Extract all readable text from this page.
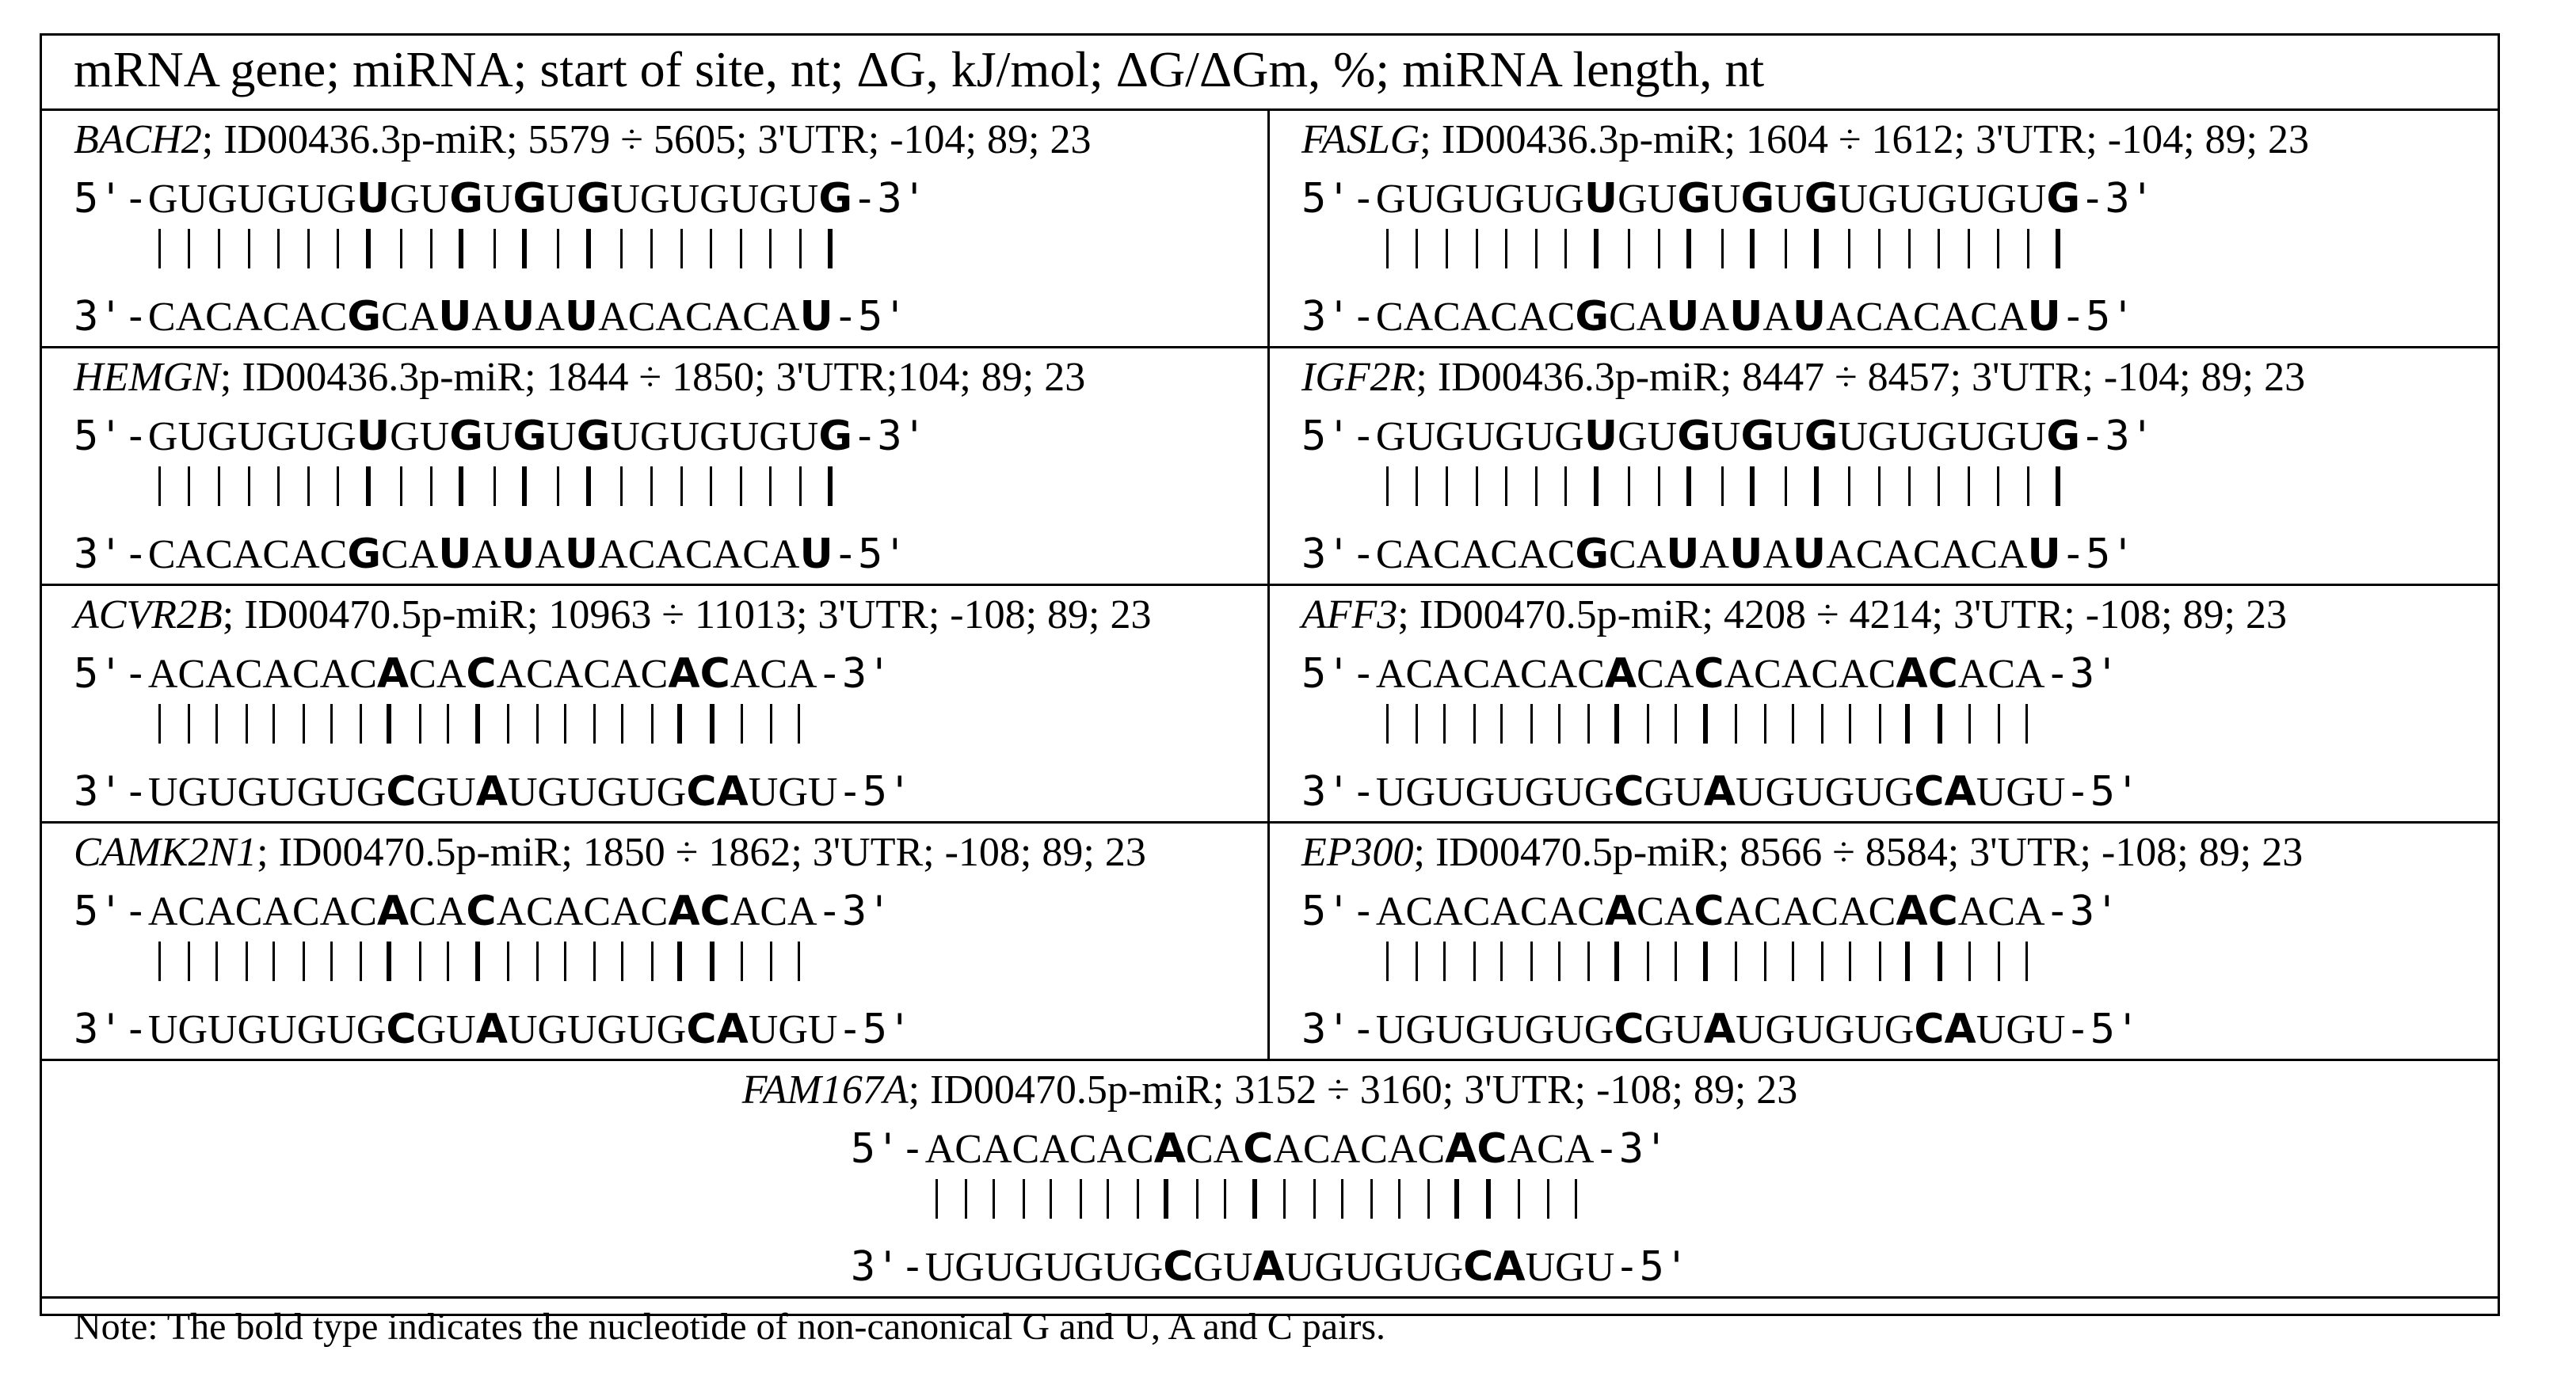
mRNA gene; miRNA; start of site, nt; ΔG, kJ/mol; ΔG/ΔGm, %; miRNA length, nt
BACH2; ID00436.3p-miR; 5579 ÷ 5605; 3'UTR; -104; 89; 23
5'-GUGUGUGUGUGUGUGUGUGUGUG-3'
3'-CACACACGCAUAUAUACACACAU-5'
FASLG; ID00436.3p-miR; 1604 ÷ 1612; 3'UTR; -104; 89; 23
5'-GUGUGUGUGUGUGUGUGUGUGUG-3'
3'-CACACACGCAUAUAUACACACAU-5'
HEMGN; ID00436.3p-miR; 1844 ÷ 1850; 3'UTR;104; 89; 23
5'-GUGUGUGUGUGUGUGUGUGUGUG-3'
3'-CACACACGCAUAUAUACACACAU-5'
IGF2R; ID00436.3p-miR; 8447 ÷ 8457; 3'UTR; -104; 89; 23
5'-GUGUGUGUGUGUGUGUGUGUGUG-3'
3'-CACACACGCAUAUAUACACACAU-5'
ACVR2B; ID00470.5p-miR; 10963 ÷ 11013; 3'UTR; -108; 89; 23
5'-ACACACACACACACACACACACA-3'
3'-UGUGUGUGCGUAUGUGUGCAUGU-5'
AFF3; ID00470.5p-miR; 4208 ÷ 4214; 3'UTR; -108; 89; 23
5'-ACACACACACACACACACACACA-3'
3'-UGUGUGUGCGUAUGUGUGCAUGU-5'
CAMK2N1; ID00470.5p-miR; 1850 ÷ 1862; 3'UTR; -108; 89; 23
5'-ACACACACACACACACACACACA-3'
3'-UGUGUGUGCGUAUGUGUGCAUGU-5'
EP300; ID00470.5p-miR; 8566 ÷ 8584; 3'UTR; -108; 89; 23
5'-ACACACACACACACACACACACA-3'
3'-UGUGUGUGCGUAUGUGUGCAUGU-5'
FAM167A; ID00470.5p-miR; 3152 ÷ 3160; 3'UTR; -108; 89; 23
5'-ACACACACACACACACACACACA-3'
3'-UGUGUGUGCGUAUGUGUGCAUGU-5'
Note: The bold type indicates the nucleotide of non-canonical G and U, A and C pairs.
